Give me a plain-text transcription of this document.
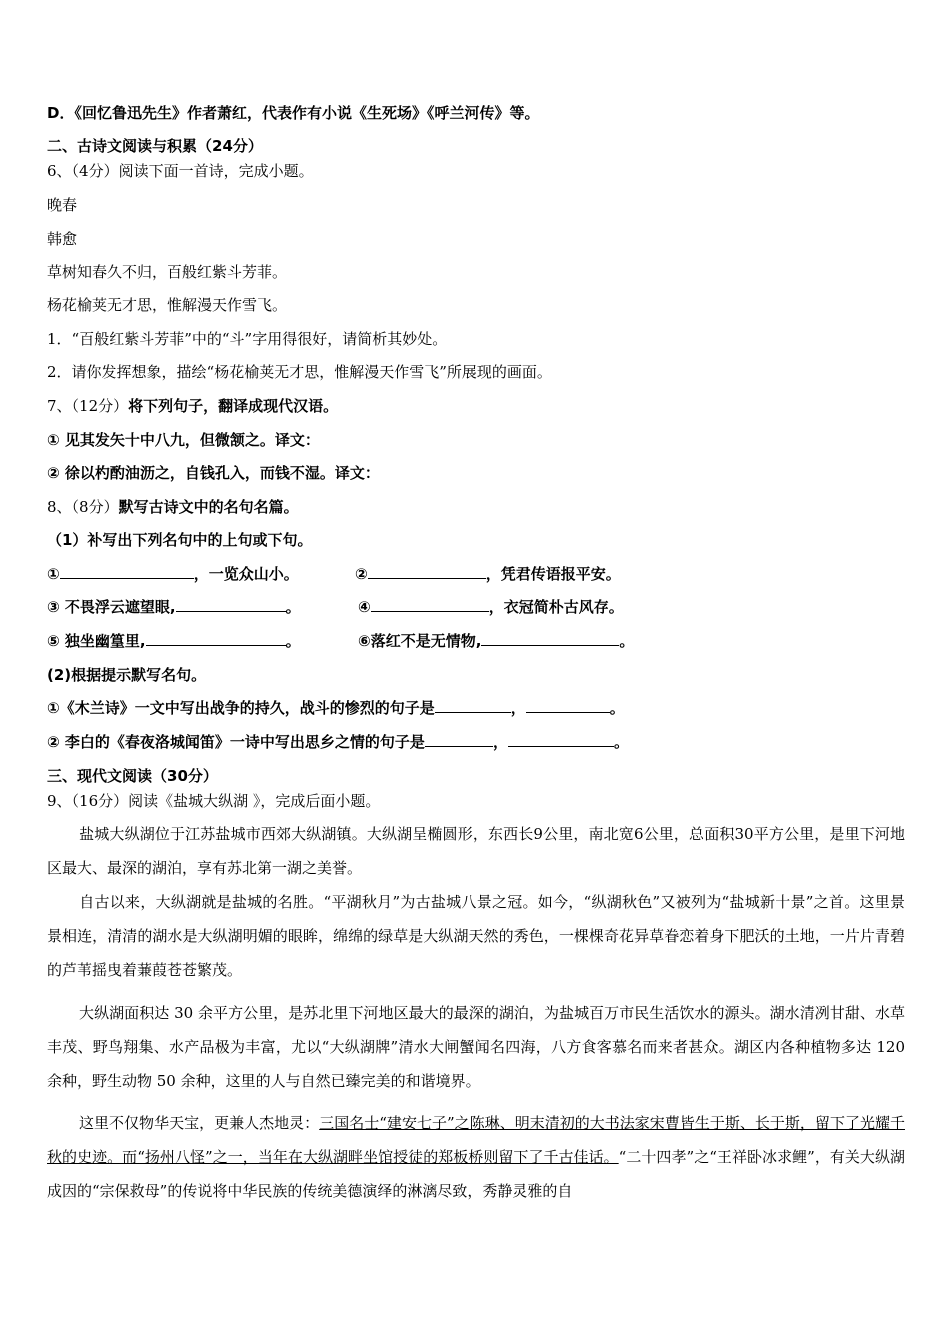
D．《回忆鲁迅先生》作者萧红，代表作有小说《生死场》《呼兰河传》等。
二、古诗文阅读与积累（24分）
6、（4分）阅读下面一首诗，完成小题。
晚春
韩愈
草树知春久不归，百般红紫斗芳菲。
杨花榆荚无才思，惟解漫天作雪飞。
1．“百般红紫斗芳菲”中的“斗”字用得很好，请简析其妙处。
2．请你发挥想象，描绘“杨花榆荚无才思，惟解漫天作雪飞”所展现的画面。
7、（12分）将下列句子，翻译成现代汉语。
① 见其发矢十中八九，但微颔之。译文：
② 徐以杓酌油沥之，自钱孔入，而钱不湿。译文：
8、（8分）默写古诗文中的名句名篇。
（1）补写出下列名句中的上句或下句。
①	，一览众山小。	②	，凭君传语报平安。
③ 不畏浮云遮望眼,	。	④	，衣冠简朴古风存。
⑤ 独坐幽篁里,	。	⑥落红不是无情物,	。
(2)根据提示默写名句。
①《木兰诗》一文中写出战争的持久，战斗的惨烈的句子是	，	。
② 李白的《春夜洛城闻笛》一诗中写出思乡之情的句子是	，	。
三、现代文阅读（30分）
9、（16分）阅读《盐城大纵湖 》，完成后面小题。
盐城大纵湖位于江苏盐城市西郊大纵湖镇。大纵湖呈椭圆形，东西长9公里，南北宽6公里，总面积30平方公里，是里下河地区最大、最深的湖泊，享有苏北第一湖之美誉。
自古以来，大纵湖就是盐城的名胜。“平湖秋月”为古盐城八景之冠。如今，“纵湖秋色”又被列为“盐城新十景”之首。这里景景相连，清清的湖水是大纵湖明媚的眼眸，绵绵的绿草是大纵湖天然的秀色，一棵棵奇花异草眷恋着身下肥沃的土地，一片片青碧的芦苇摇曳着蒹葭苍苍繁茂。
大纵湖面积达 30 余平方公里，是苏北里下河地区最大的最深的湖泊，为盐城百万市民生活饮水的源头。湖水清冽甘甜、水草丰茂、野鸟翔集、水产品极为丰富，尤以“大纵湖牌”清水大闸蟹闻名四海，八方食客慕名而来者甚众。湖区内各种植物多达 120 余种，野生动物 50 余种，这里的人与自然已臻完美的和谐境界。
这里不仅物华天宝，更兼人杰地灵：三国名士“建安七子”之陈琳、明末清初的大书法家宋曹皆生于斯、长于斯，留下了光耀千秋的史迹。而“扬州八怪”之一，当年在大纵湖畔坐馆授徒的郑板桥则留下了千古佳话。“二十四孝”之“王祥卧冰求鲤”，有关大纵湖成因的“宗保救母”的传说将中华民族的传统美德演绎的淋漓尽致，秀静灵雅的自
